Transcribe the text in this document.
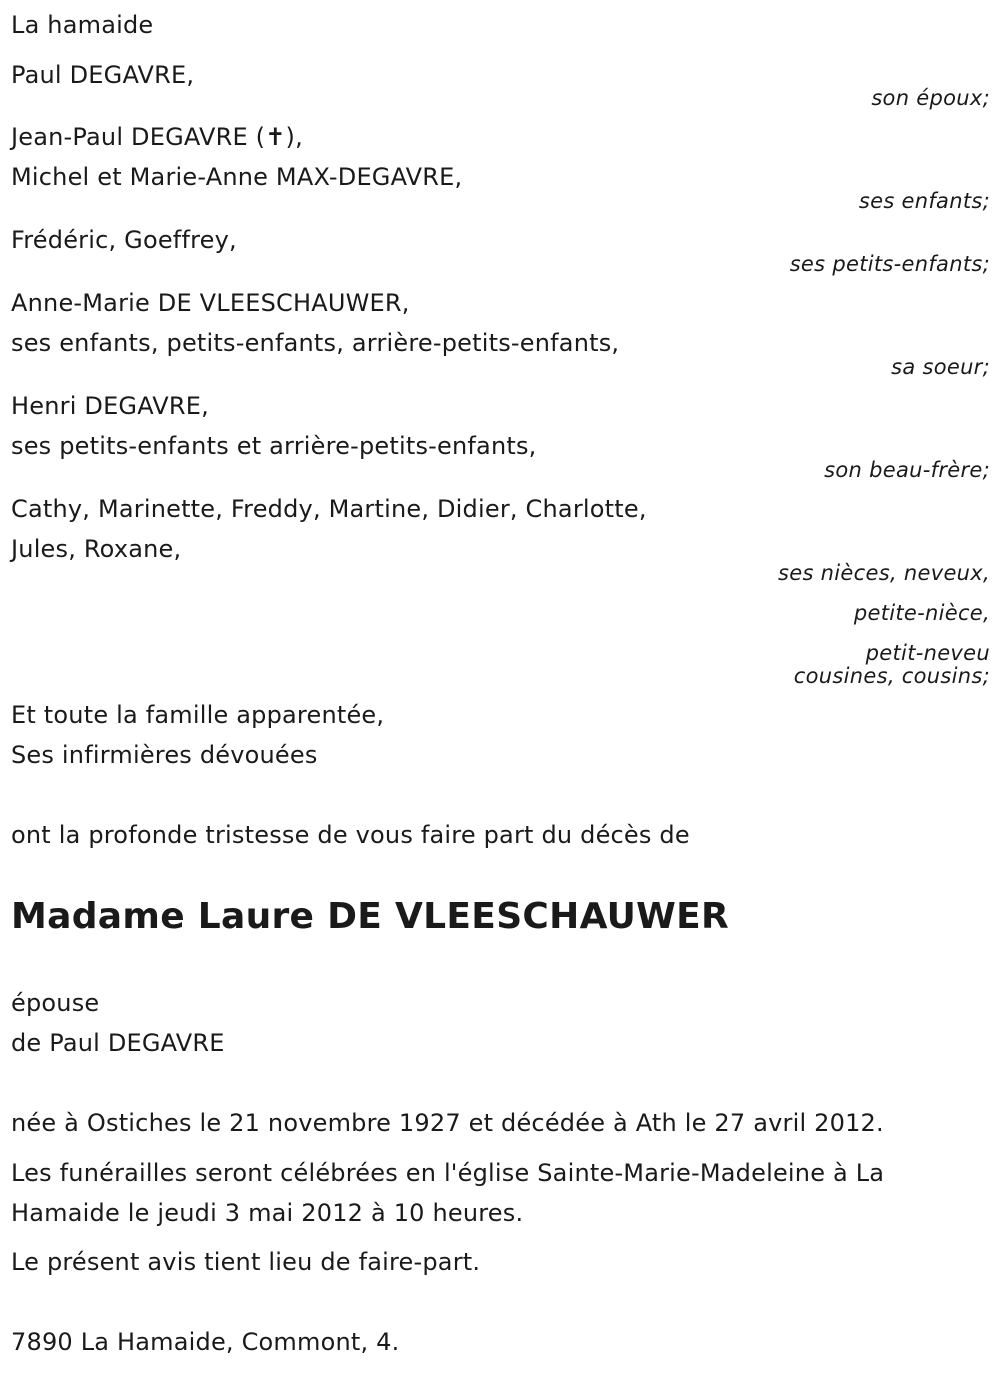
La hamaide
Paul DEGAVRE,
son époux;
Jean-Paul DEGAVRE (✝),
Michel et Marie-Anne MAX-DEGAVRE,
ses enfants;
Frédéric, Goeffrey,
ses petits-enfants;
Anne-Marie DE VLEESCHAUWER,
ses enfants, petits-enfants, arrière-petits-enfants,
sa soeur;
Henri DEGAVRE,
ses petits-enfants et arrière-petits-enfants,
son beau-frère;
Cathy, Marinette, Freddy, Martine, Didier, Charlotte,
Jules, Roxane,
ses nièces, neveux,
petite-nièce,
petit-neveu
cousines, cousins;
Et toute la famille apparentée,
Ses infirmières dévouées
ont la profonde tristesse de vous faire part du décès de
Madame Laure DE VLEESCHAUWER
épouse
de Paul DEGAVRE
née à Ostiches le 21 novembre 1927 et décédée à Ath le 27 avril 2012.
Les funérailles seront célébrées en l'église Sainte-Marie-Madeleine à La
Hamaide le jeudi 3 mai 2012 à 10 heures.
Le présent avis tient lieu de faire-part.
7890 La Hamaide, Commont, 4.
